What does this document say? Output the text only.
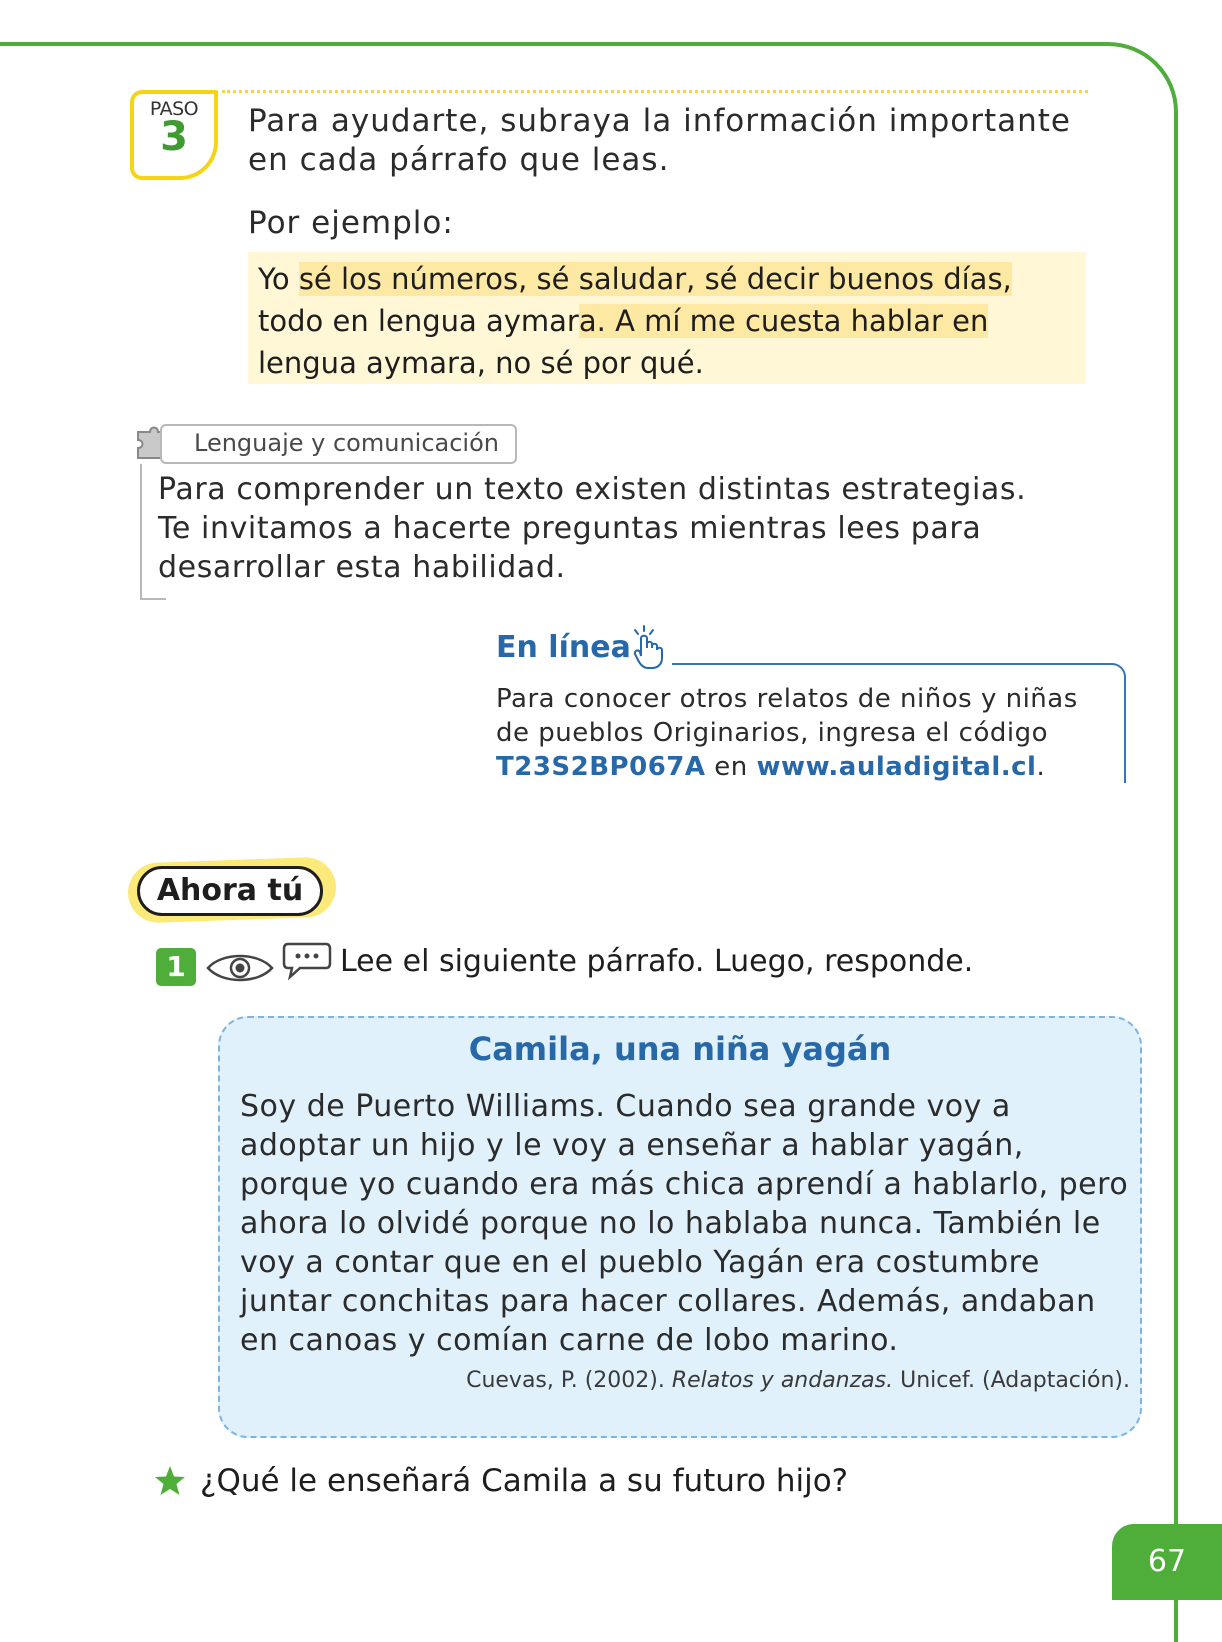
PASO
3	Para ayudarte, subraya la información importante en cada párrafo que leas.
Por ejemplo:
Yo sé los números, sé saludar, sé decir buenos días, todo en lengua aymara. A mí me cuesta hablar en lengua aymara, no sé por qué.
Lenguaje y comunicación
Para comprender un texto existen distintas estrategias. Te invitamos a hacerte preguntas mientras lees para desarrollar esta habilidad.
En línea
Para conocer otros relatos de niños y niñas de pueblos Originarios, ingresa el código T23S2BP067A en www.auladigital.cl.
Ahora tú
1	Lee el siguiente párrafo. Luego, responde.
Camila, una niña yagán
Soy de Puerto Williams. Cuando sea grande voy a adoptar un hijo y le voy a enseñar a hablar yagán, porque yo cuando era más chica aprendí a hablarlo, pero ahora lo olvidé porque no lo hablaba nunca. También le voy a contar que en el pueblo Yagán era costumbre juntar conchitas para hacer collares. Además, andaban en canoas y comían carne de lobo marino.
Cuevas, P. (2002). Relatos y andanzas. Unicef. (Adaptación).
¿Qué le enseñará Camila a su futuro hijo?
67
